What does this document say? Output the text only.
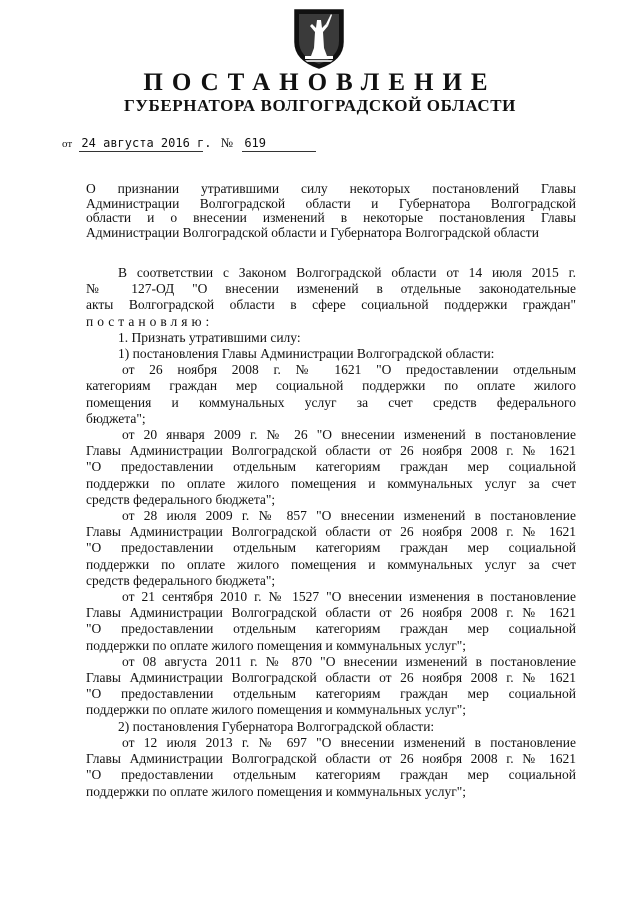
ПОСТАНОВЛЕНИЕ
ГУБЕРНАТОРА ВОЛГОГРАДСКОЙ ОБЛАСТИ
от 24 августа 2016 г. № 619
О признании утратившими силу некоторых постановлений Главы
Администрации Волгоградской области и Губернатора Волгоградской
области и о внесении изменений в некоторые постановления Главы
Администрации Волгоградской области и Губернатора Волгоградской области
В соответствии с Законом Волгоградской области от 14 июля 2015 г.
№ 127-ОД "О внесении изменений в отдельные законодательные
акты Волгоградской области в сфере социальной поддержки граждан"
постановляю:
1. Признать утратившими силу:
1) постановления Главы Администрации Волгоградской области:
от 26 ноября 2008 г. № 1621 "О предоставлении отдельным
категориям граждан мер социальной поддержки по оплате жилого
помещения и коммунальных услуг за счет средств федерального
бюджета";
от 20 января 2009 г. № 26 "О внесении изменений в постановление
Главы Администрации Волгоградской области от 26 ноября 2008 г. № 1621
"О предоставлении отдельным категориям граждан мер социальной
поддержки по оплате жилого помещения и коммунальных услуг за счет
средств федерального бюджета";
от 28 июля 2009 г. № 857 "О внесении изменений в постановление
Главы Администрации Волгоградской области от 26 ноября 2008 г. № 1621
"О предоставлении отдельным категориям граждан мер социальной
поддержки по оплате жилого помещения и коммунальных услуг за счет
средств федерального бюджета";
от 21 сентября 2010 г. № 1527 "О внесении изменения в постановление
Главы Администрации Волгоградской области от 26 ноября 2008 г. № 1621
"О предоставлении отдельным категориям граждан мер социальной
поддержки по оплате жилого помещения и коммунальных услуг";
от 08 августа 2011 г. № 870 "О внесении изменений в постановление
Главы Администрации Волгоградской области от 26 ноября 2008 г. № 1621
"О предоставлении отдельным категориям граждан мер социальной
поддержки по оплате жилого помещения и коммунальных услуг";
2) постановления Губернатора Волгоградской области:
от 12 июля 2013 г. № 697 "О внесении изменений в постановление
Главы Администрации Волгоградской области от 26 ноября 2008 г. № 1621
"О предоставлении отдельным категориям граждан мер социальной
поддержки по оплате жилого помещения и коммунальных услуг";
